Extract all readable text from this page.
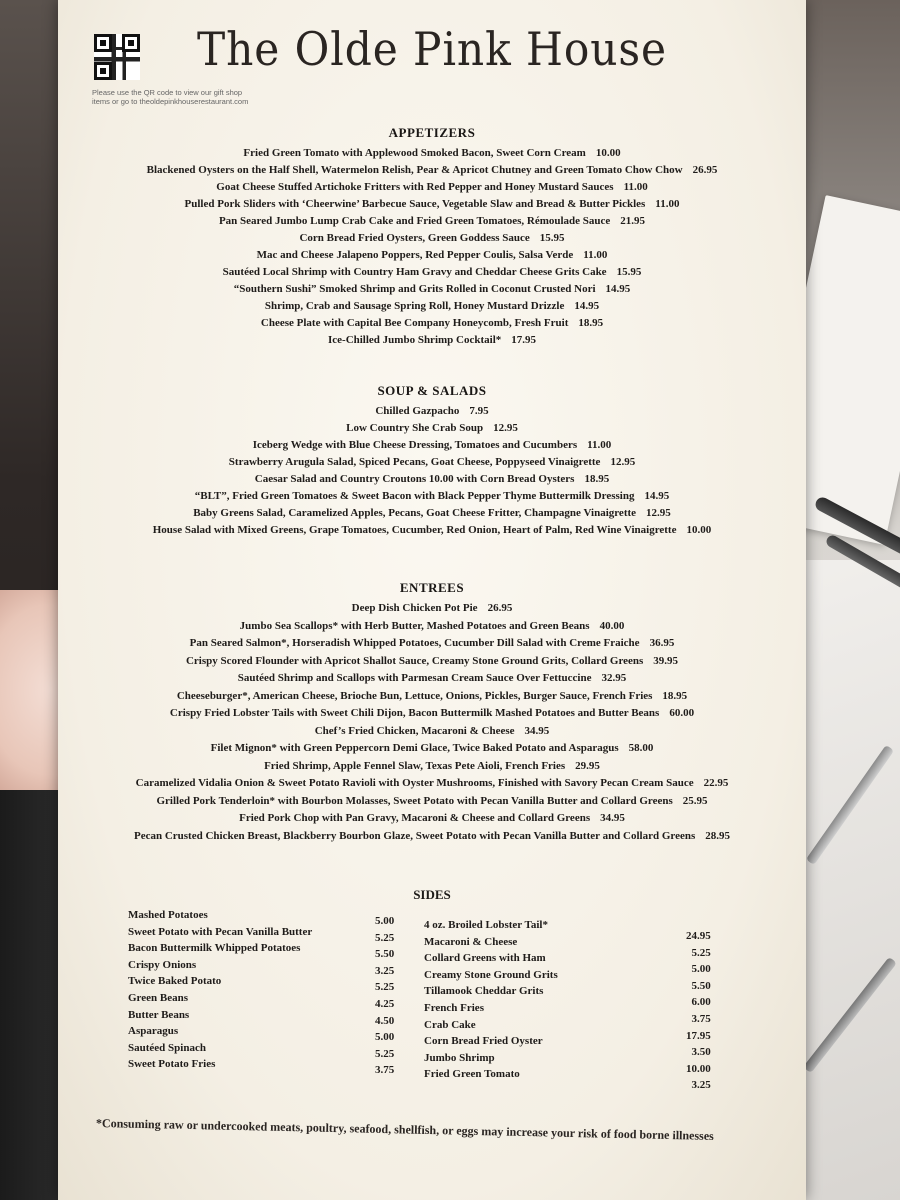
Please use the QR code to view our gift shop items or go to theoldepinkhouserestaurant.com
The Olde Pink House
APPETIZERS
Fried Green Tomato with Applewood Smoked Bacon, Sweet Corn Cream 10.00
Blackened Oysters on the Half Shell, Watermelon Relish, Pear & Apricot Chutney and Green Tomato Chow Chow 26.95
Goat Cheese Stuffed Artichoke Fritters with Red Pepper and Honey Mustard Sauces 11.00
Pulled Pork Sliders with ‘Cheerwine’ Barbecue Sauce, Vegetable Slaw and Bread & Butter Pickles 11.00
Pan Seared Jumbo Lump Crab Cake and Fried Green Tomatoes, Rémoulade Sauce 21.95
Corn Bread Fried Oysters, Green Goddess Sauce 15.95
Mac and Cheese Jalapeno Poppers, Red Pepper Coulis, Salsa Verde 11.00
Sautéed Local Shrimp with Country Ham Gravy and Cheddar Cheese Grits Cake 15.95
“Southern Sushi” Smoked Shrimp and Grits Rolled in Coconut Crusted Nori 14.95
Shrimp, Crab and Sausage Spring Roll, Honey Mustard Drizzle 14.95
Cheese Plate with Capital Bee Company Honeycomb, Fresh Fruit 18.95
Ice-Chilled Jumbo Shrimp Cocktail* 17.95
SOUP & SALADS
Chilled Gazpacho 7.95
Low Country She Crab Soup 12.95
Iceberg Wedge with Blue Cheese Dressing, Tomatoes and Cucumbers 11.00
Strawberry Arugula Salad, Spiced Pecans, Goat Cheese, Poppyseed Vinaigrette 12.95
Caesar Salad and Country Croutons 10.00 with Corn Bread Oysters 18.95
“BLT”, Fried Green Tomatoes & Sweet Bacon with Black Pepper Thyme Buttermilk Dressing 14.95
Baby Greens Salad, Caramelized Apples, Pecans, Goat Cheese Fritter, Champagne Vinaigrette 12.95
House Salad with Mixed Greens, Grape Tomatoes, Cucumber, Red Onion, Heart of Palm, Red Wine Vinaigrette 10.00
ENTREES
Deep Dish Chicken Pot Pie 26.95
Jumbo Sea Scallops* with Herb Butter, Mashed Potatoes and Green Beans 40.00
Pan Seared Salmon*, Horseradish Whipped Potatoes, Cucumber Dill Salad with Creme Fraiche 36.95
Crispy Scored Flounder with Apricot Shallot Sauce, Creamy Stone Ground Grits, Collard Greens 39.95
Sautéed Shrimp and Scallops with Parmesan Cream Sauce Over Fettuccine 32.95
Cheeseburger*, American Cheese, Brioche Bun, Lettuce, Onions, Pickles, Burger Sauce, French Fries 18.95
Crispy Fried Lobster Tails with Sweet Chili Dijon, Bacon Buttermilk Mashed Potatoes and Butter Beans 60.00
Chef’s Fried Chicken, Macaroni & Cheese 34.95
Filet Mignon* with Green Peppercorn Demi Glace, Twice Baked Potato and Asparagus 58.00
Fried Shrimp, Apple Fennel Slaw, Texas Pete Aioli, French Fries 29.95
Caramelized Vidalia Onion & Sweet Potato Ravioli with Oyster Mushrooms, Finished with Savory Pecan Cream Sauce 22.95
Grilled Pork Tenderloin* with Bourbon Molasses, Sweet Potato with Pecan Vanilla Butter and Collard Greens 25.95
Fried Pork Chop with Pan Gravy, Macaroni & Cheese and Collard Greens 34.95
Pecan Crusted Chicken Breast, Blackberry Bourbon Glaze, Sweet Potato with Pecan Vanilla Butter and Collard Greens 28.95
SIDES
Mashed Potatoes
Sweet Potato with Pecan Vanilla Butter
Bacon Buttermilk Whipped Potatoes
Crispy Onions
Twice Baked Potato
Green Beans
Butter Beans
Asparagus
Sautéed Spinach
Sweet Potato Fries
5.00
5.25
5.50
3.25
5.25
4.25
4.50
5.00
5.25
3.75
4 oz. Broiled Lobster Tail*
Macaroni & Cheese
Collard Greens with Ham
Creamy Stone Ground Grits
Tillamook Cheddar Grits
French Fries
Crab Cake
Corn Bread Fried Oyster
Jumbo Shrimp
Fried Green Tomato
24.95
5.25
5.00
5.50
6.00
3.75
17.95
3.50
10.00
3.25
*Consuming raw or undercooked meats, poultry, seafood, shellfish, or eggs may increase your risk of food borne illnesses
